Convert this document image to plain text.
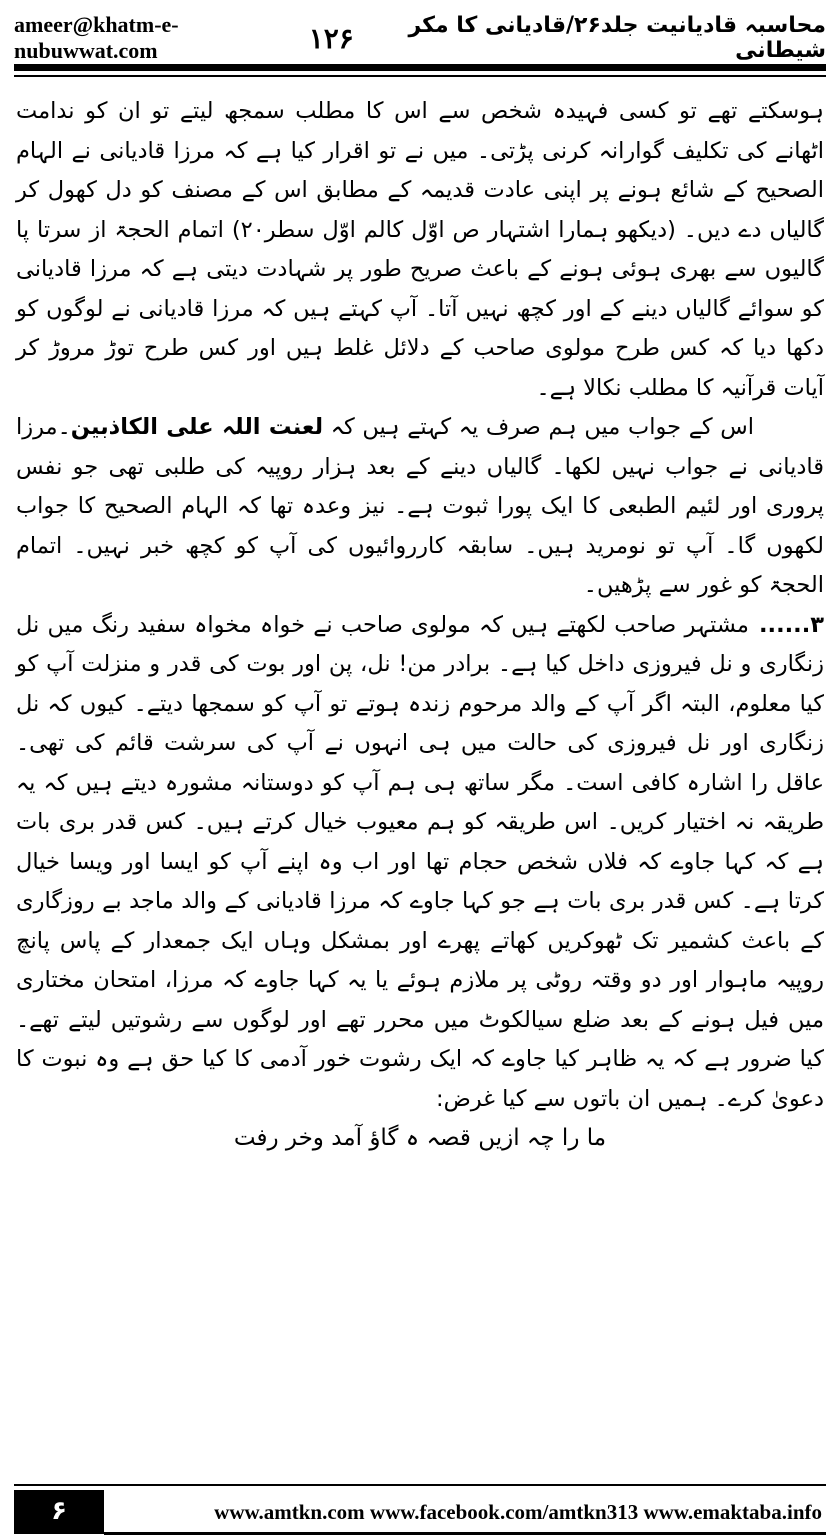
ameer@khatm-e-nubuwwat.com	۱۲۶	محاسبہ قادیانیت جلد۲۶/قادیانی کا مکر شیطانی

ہوسکتے تھے تو کسی فہیدہ شخص سے اس کا مطلب سمجھ لیتے تو ان کو ندامت اٹھانے کی تکلیف گوارانہ کرنی پڑتی۔ میں نے تو اقرار کیا ہے کہ مرزا قادیانی نے الہام الصحیح کے شائع ہونے پر اپنی عادت قدیمہ کے مطابق اس کے مصنف کو دل کھول کر گالیاں دے دیں۔ (دیکھو ہمارا اشتہار ص اوّل کالم اوّل سطر۲۰) اتمام الحجۃ از سرتا پا گالیوں سے بھری ہوئی ہونے کے باعث صریح طور پر شہادت دیتی ہے کہ مرزا قادیانی کو سوائے گالیاں دینے کے اور کچھ نہیں آتا۔ آپ کہتے ہیں کہ مرزا قادیانی نے لوگوں کو دکھا دیا کہ کس طرح مولوی صاحب کے دلائل غلط ہیں اور کس طرح توڑ مروڑ کر آیات قرآنیہ کا مطلب نکالا ہے۔

اس کے جواب میں ہم صرف یہ کہتے ہیں کہ لعنت اللہ علی الکاذبین۔مرزا قادیانی نے جواب نہیں لکھا۔ گالیاں دینے کے بعد ہزار روپیہ کی طلبی تھی جو نفس پروری اور لئیم الطبعی کا ایک پورا ثبوت ہے۔ نیز وعدہ تھا کہ الہام الصحیح کا جواب لکھوں گا۔ آپ تو نومرید ہیں۔ سابقہ کارروائیوں کی آپ کو کچھ خبر نہیں۔ اتمام الحجۃ کو غور سے پڑھیں۔

۳......مشتہر صاحب لکھتے ہیں کہ مولوی صاحب نے خواہ مخواہ سفید رنگ میں نل زنگاری و نل فیروزی داخل کیا ہے۔ برادر من! نل، پن اور بوت کی قدر و منزلت آپ کو کیا معلوم، البتہ اگر آپ کے والد مرحوم زندہ ہوتے تو آپ کو سمجھا دیتے۔ کیوں کہ نل زنگاری اور نل فیروزی کی حالت میں ہی انہوں نے آپ کی سرشت قائم کی تھی۔ عاقل را اشارہ کافی است۔ مگر ساتھ ہی ہم آپ کو دوستانہ مشورہ دیتے ہیں کہ یہ طریقہ نہ اختیار کریں۔ اس طریقہ کو ہم معیوب خیال کرتے ہیں۔ کس قدر بری بات ہے کہ کہا جاوے کہ فلاں شخص حجام تھا اور اب وہ اپنے آپ کو ایسا اور ویسا خیال کرتا ہے۔ کس قدر بری بات ہے جو کہا جاوے کہ مرزا قادیانی کے والد ماجد بے روزگاری کے باعث کشمیر تک ٹھوکریں کھاتے پھرے اور بمشکل وہاں ایک جمعدار کے پاس پانچ روپیہ ماہوار اور دو وقتہ روٹی پر ملازم ہوئے یا یہ کہا جاوے کہ مرزا، امتحان مختاری میں فیل ہونے کے بعد ضلع سیالکوٹ میں محرر تھے اور لوگوں سے رشوتیں لیتے تھے۔ کیا ضرور ہے کہ یہ ظاہر کیا جاوے کہ ایک رشوت خور آدمی کا کیا حق ہے وہ نبوت کا دعویٰ کرے۔ ہمیں ان باتوں سے کیا غرض:

ما را چہ ازیں قصہ ہ گاؤ آمد وخر رفت

۶	www.amtkn.com www.facebook.com/amtkn313 www.emaktaba.info
